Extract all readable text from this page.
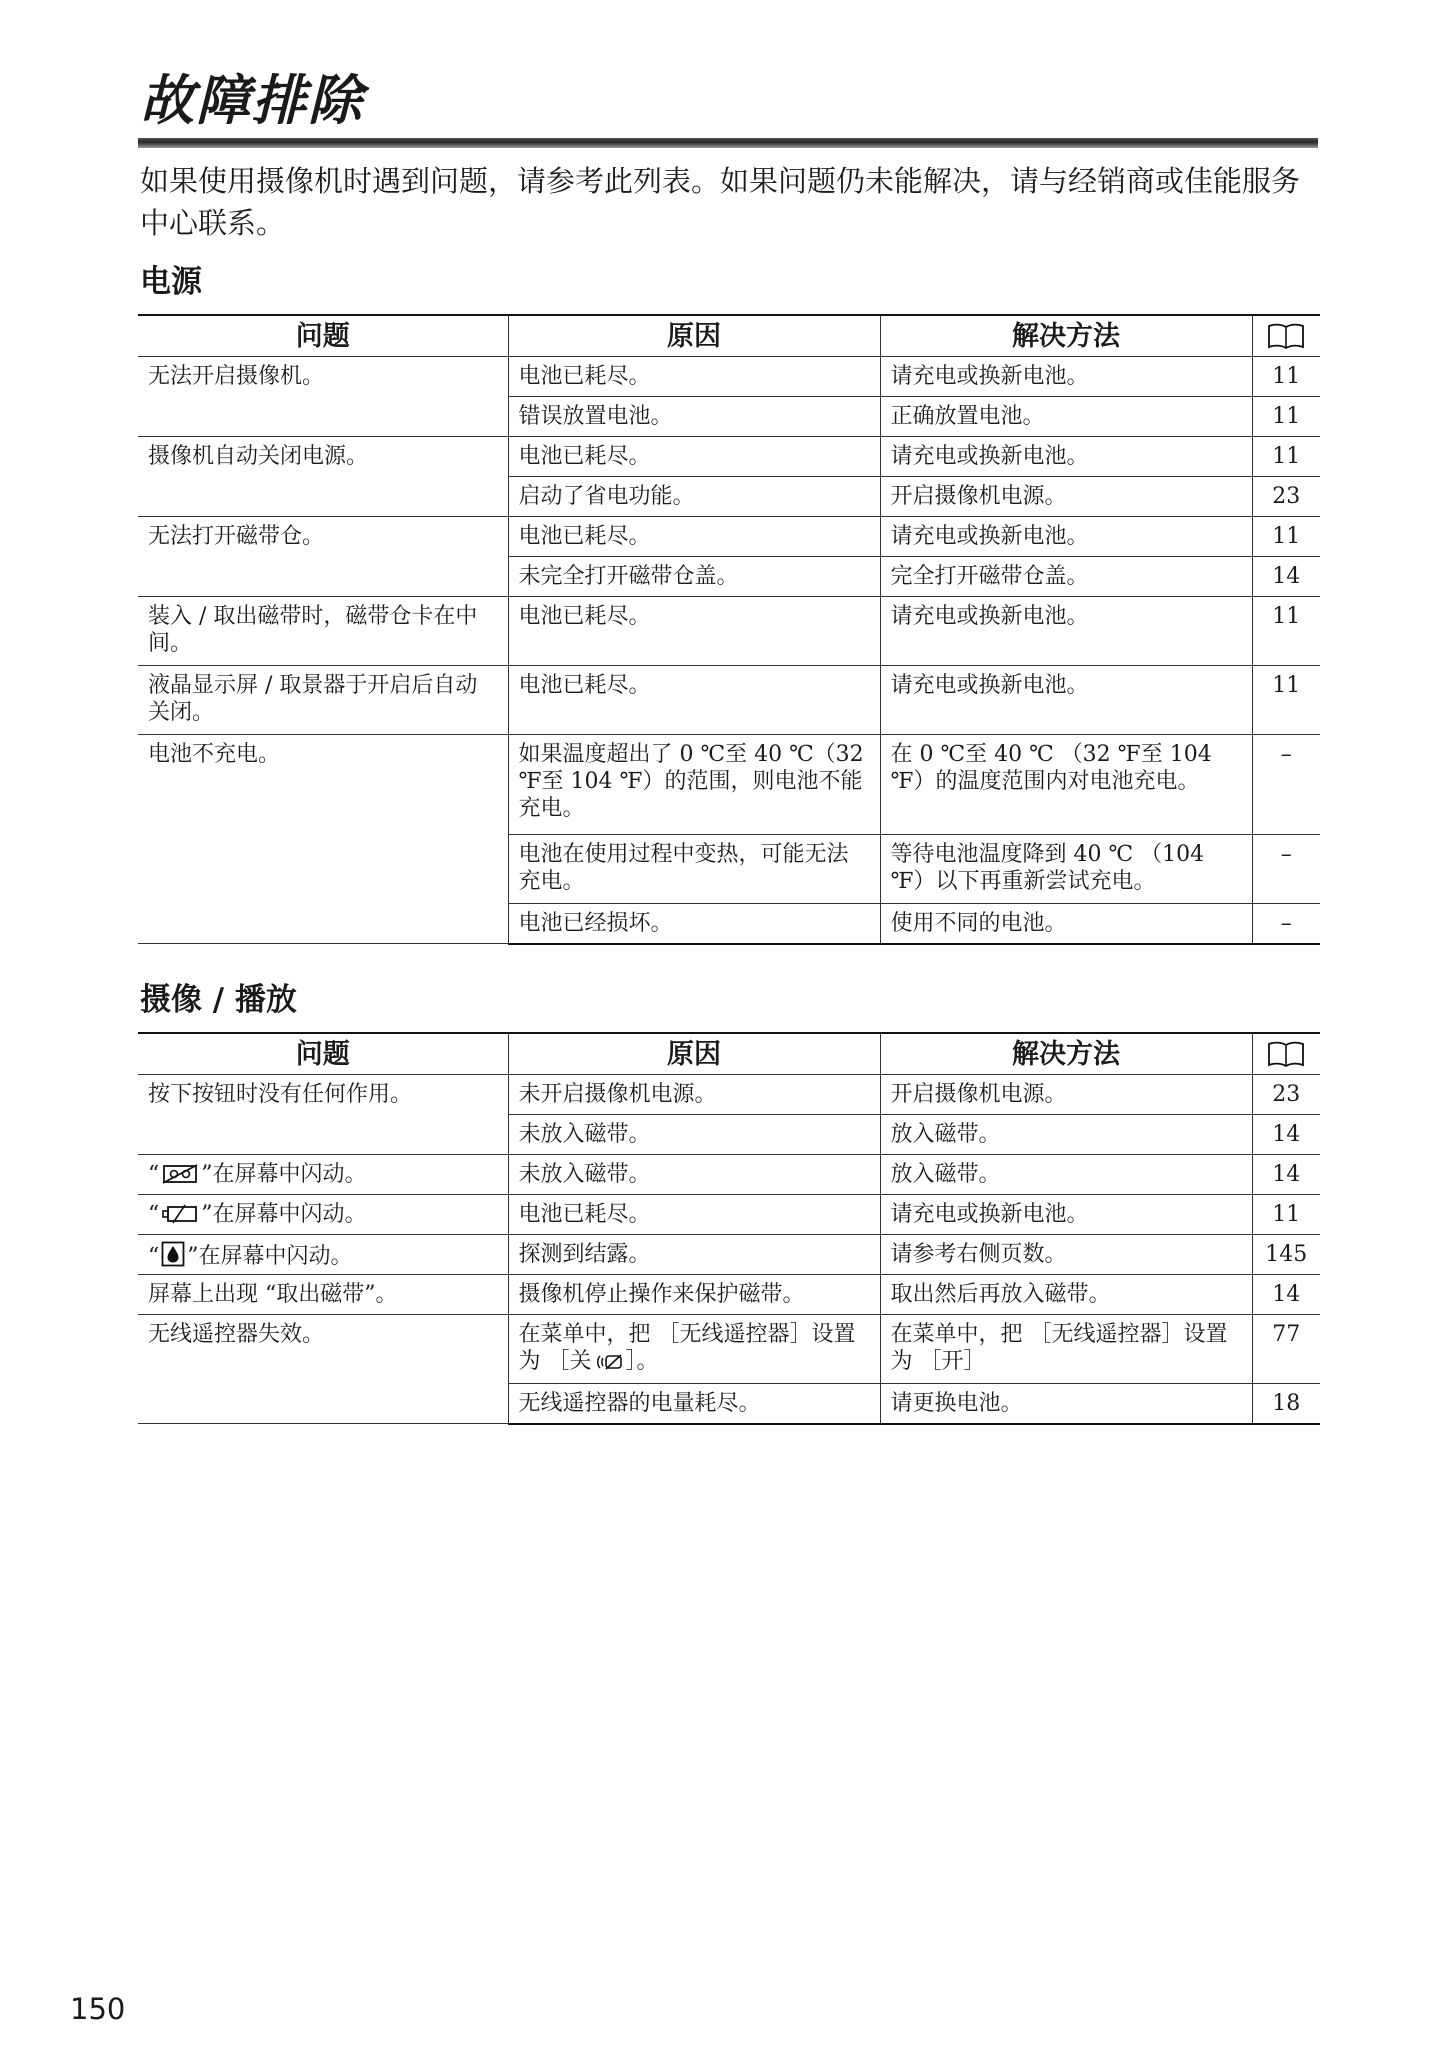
故障排除
如果使用摄像机时遇到问题，请参考此列表。如果问题仍未能解决，请与经销商或佳能服务中心联系。
电源
问题	原因	解决方法	
无法开启摄像机。	电池已耗尽。	请充电或换新电池。	11
	错误放置电池。	正确放置电池。	11
摄像机自动关闭电源。	电池已耗尽。	请充电或换新电池。	11
	启动了省电功能。	开启摄像机电源。	23
无法打开磁带仓。	电池已耗尽。	请充电或换新电池。	11
	未完全打开磁带仓盖。	完全打开磁带仓盖。	14
装入 / 取出磁带时，磁带仓卡在中间。	电池已耗尽。	请充电或换新电池。	11
液晶显示屏 / 取景器于开启后自动关闭。	电池已耗尽。	请充电或换新电池。	11
电池不充电。	如果温度超出了 0 ℃至 40 ℃（32 ℉至 104 ℉）的范围，则电池不能充电。	在 0 ℃至 40 ℃ （32 ℉至 104 ℉）的温度范围内对电池充电。	–
	电池在使用过程中变热，可能无法充电。	等待电池温度降到 40 ℃ （104 ℉）以下再重新尝试充电。	–
	电池已经损坏。	使用不同的电池。	–
摄像 / 播放
问题	原因	解决方法	
按下按钮时没有任何作用。	未开启摄像机电源。	开启摄像机电源。	23
	未放入磁带。	放入磁带。	14
“ ”在屏幕中闪动。	未放入磁带。	放入磁带。	14
“ ”在屏幕中闪动。	电池已耗尽。	请充电或换新电池。	11
“ ”在屏幕中闪动。	探测到结露。	请参考右侧页数。	145
屏幕上出现 “取出磁带”。	摄像机停止操作来保护磁带。	取出然后再放入磁带。	14
无线遥控器失效。	在菜单中，把 ［无线遥控器］设置为 ［关 ］。	在菜单中，把 ［无线遥控器］设置为 ［开］	77
	无线遥控器的电量耗尽。	请更换电池。	18
150
